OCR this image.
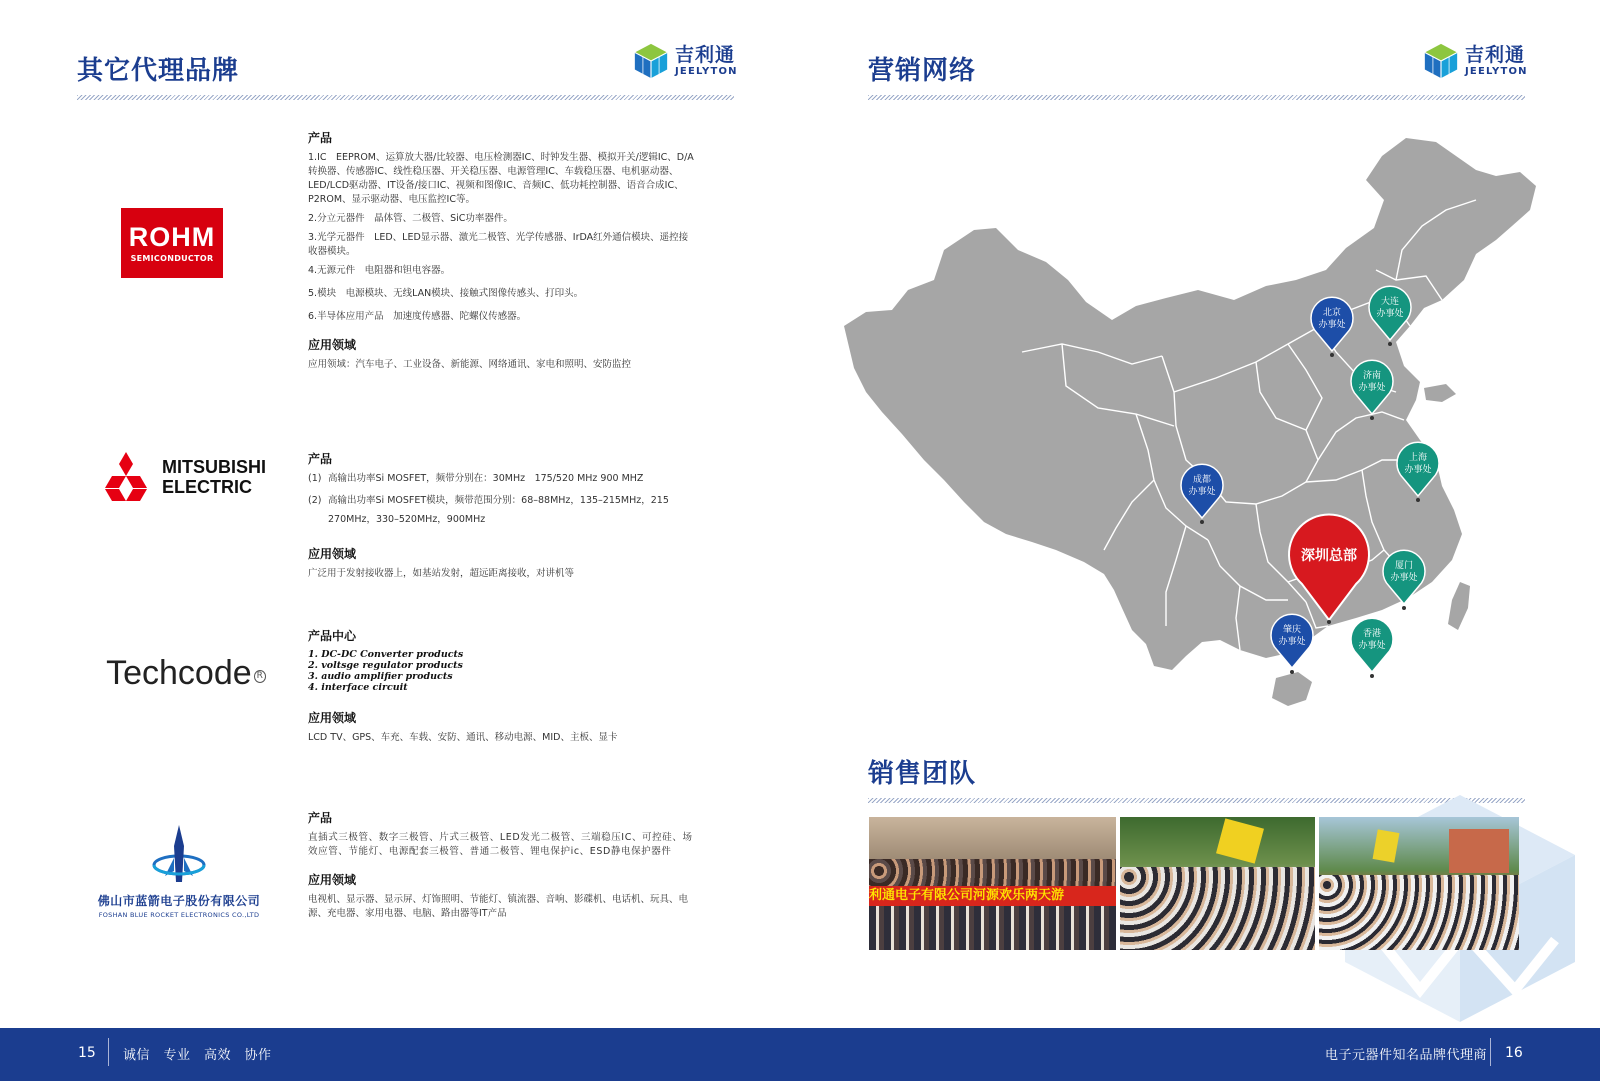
其它代理品牌
吉利通
JEELYTON
ROHM
SEMICONDUCTOR
产品

1.IC　EEPROM、运算放大器/比较器、电压检测器IC、时钟发生器、模拟开关/逻辑IC、D/A转换器、传感器IC、线性稳压器、开关稳压器、电源管理IC、车载稳压器、电机驱动器、LED/LCD驱动器、IT设备/接口IC、视频和图像IC、音频IC、低功耗控制器、语音合成IC、P2ROM、显示驱动器、电压监控IC等。

2.分立元器件　晶体管、二极管、SiC功率器件。

3.光学元器件　LED、LED显示器、激光二极管、光学传感器、IrDA红外通信模块、遥控接收器模块。

4.无源元件　电阻器和钽电容器。

5.模块　电源模块、无线LAN模块、接触式图像传感头、打印头。

6.半导体应用产品　加速度传感器、陀螺仪传感器。

应用领域

应用领域：汽车电子、工业设备、新能源、网络通讯、家电和照明、安防监控

MITSUBISHI
ELECTRIC
产品
(1) 高输出功率Si MOSFET，频带分别在：30MHz　175/520 MHz 900 MHZ
(2) 高输出功率Si MOSFET模块，频带范围分别：68–88MHz，135–215MHz，215 270MHz，330–520MHz，900MHz
应用领域

广泛用于发射接收器上，如基站发射，超远距离接收，对讲机等

Techcode R
产品中心

1. DC-DC Converter products

2. voltsge regulator products

3. audio amplifier products

4. interface circuit

应用领域

LCD TV、GPS、车充、车载、安防、通讯、移动电源、MID、主板、显卡

佛山市蓝箭电子股份有限公司
FOSHAN BLUE ROCKET ELECTRONICS CO.,LTD
产品

直插式三极管、数字三极管、片式三极管、LED发光二极管、三端稳压IC、可控硅、场效应管、节能灯、电源配套三极管、普通二极管、锂电保护ic、ESD静电保护器件

应用领域

电视机、显示器、显示屏、灯饰照明、节能灯、镇流器、音响、影碟机、电话机、玩具、电源、充电器、家用电器、电脑、路由器等IT产品

营销网络
吉利通
JEELYTON
深圳总部
北京
办事处
大连
办事处
济南
办事处
上海
办事处
成都
办事处
厦门
办事处
肇庆
办事处
香港
办事处
销售团队
利通电子有限公司河源欢乐两天游
15 诚信　专业　高效　协作	电子元器件知名品牌代理商 16
